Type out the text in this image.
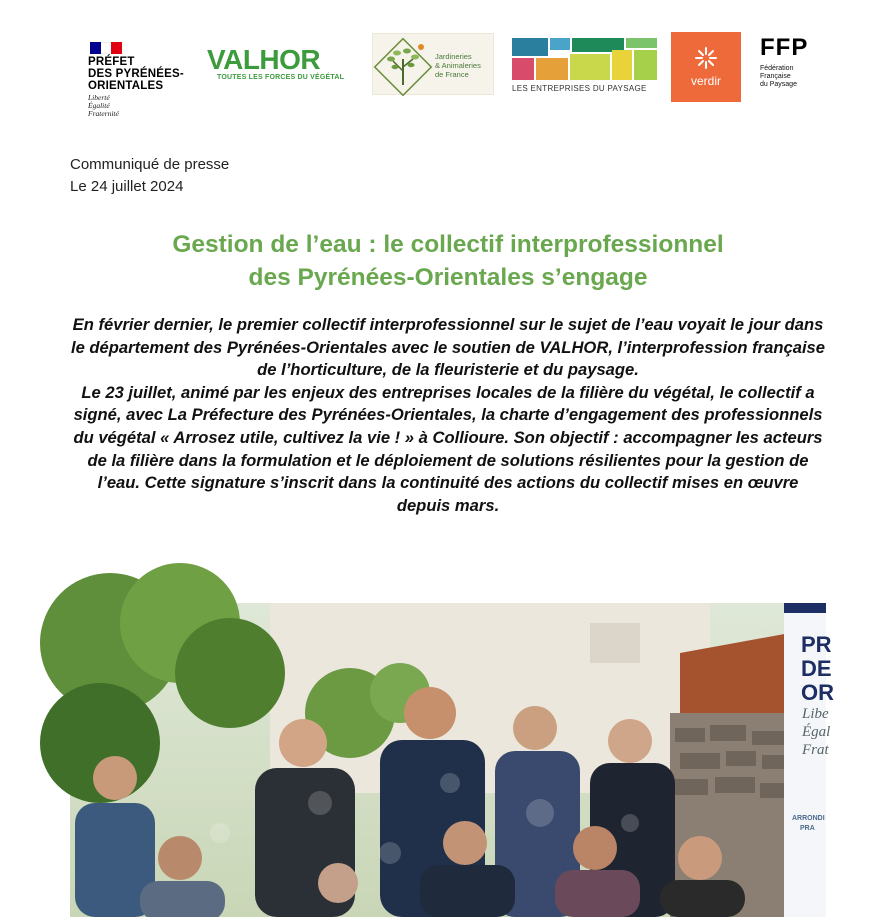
PRÉFET
DES PYRÉNÉES-
ORIENTALES
Liberté
Égalité
Fraternité
VALHOR
TOUTES LES FORCES DU VÉGÉTAL
Jardineries
& Animaleries
de France
LES ENTREPRISES DU PAYSAGE
verdir
FFP
Fédération
Française
du Paysage
Communiqué de presse
Le 24 juillet 2024
Gestion de l’eau : le collectif interprofessionnel
des Pyrénées-Orientales s’engage

En février dernier, le premier collectif interprofessionnel sur le sujet de l’eau voyait le jour dans le département des Pyrénées-Orientales avec le soutien de VALHOR, l’interprofession française de l’horticulture, de la fleuristerie et du paysage.

Le 23 juillet, animé par les enjeux des entreprises locales de la filière du végétal, le collectif a signé, avec La Préfecture des Pyrénées-Orientales, la charte d’engagement des professionnels du végétal « Arrosez utile, cultivez la vie ! » à Collioure. Son objectif : accompagner les acteurs de la filière dans la formulation et le déploiement de solutions résilientes pour la gestion de l’eau. Cette signature s’inscrit dans la continuité des actions du collectif mises en œuvre depuis mars.

PR
DE
OR
Libe
Égal
Frat
ARRONDI
PRA
